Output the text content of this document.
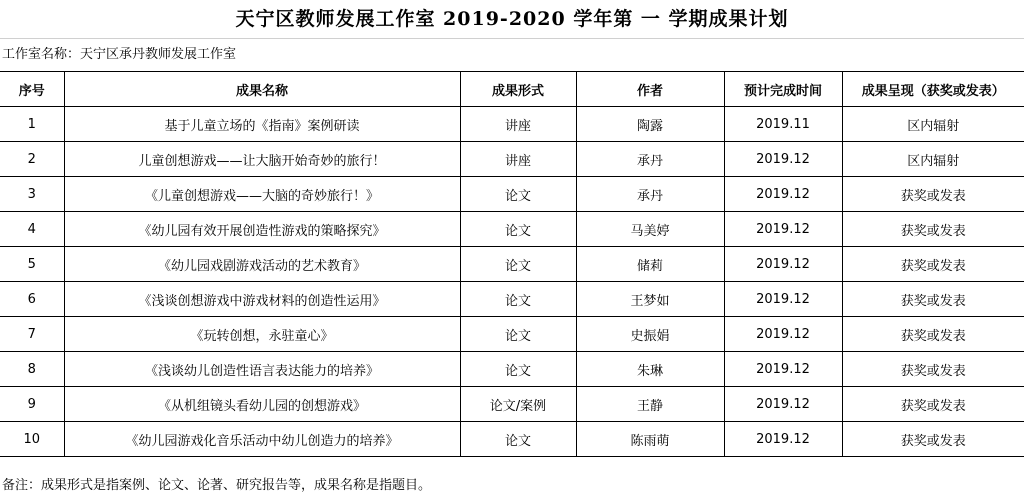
天宁区教师发展工作室 2019-2020 学年第 一 学期成果计划
工作室名称：天宁区承丹教师发展工作室
序号	成果名称	成果形式	作者	预计完成时间	成果呈现（获奖或发表）
1	基于儿童立场的《指南》案例研读	讲座	陶露	2019.11	区内辐射
2	儿童创想游戏——让大脑开始奇妙的旅行！	讲座	承丹	2019.12	区内辐射
3	《儿童创想游戏——大脑的奇妙旅行！》	论文	承丹	2019.12	获奖或发表
4	《幼儿园有效开展创造性游戏的策略探究》	论文	马美婷	2019.12	获奖或发表
5	《幼儿园戏剧游戏活动的艺术教育》	论文	储莉	2019.12	获奖或发表
6	《浅谈创想游戏中游戏材料的创造性运用》	论文	王梦如	2019.12	获奖或发表
7	《玩转创想，永驻童心》	论文	史振娟	2019.12	获奖或发表
8	《浅谈幼儿创造性语言表达能力的培养》	论文	朱琳	2019.12	获奖或发表
9	《从机组镜头看幼儿园的创想游戏》	论文/案例	王静	2019.12	获奖或发表
10	《幼儿园游戏化音乐活动中幼儿创造力的培养》	论文	陈雨萌	2019.12	获奖或发表
备注：成果形式是指案例、论文、论著、研究报告等，成果名称是指题目。
